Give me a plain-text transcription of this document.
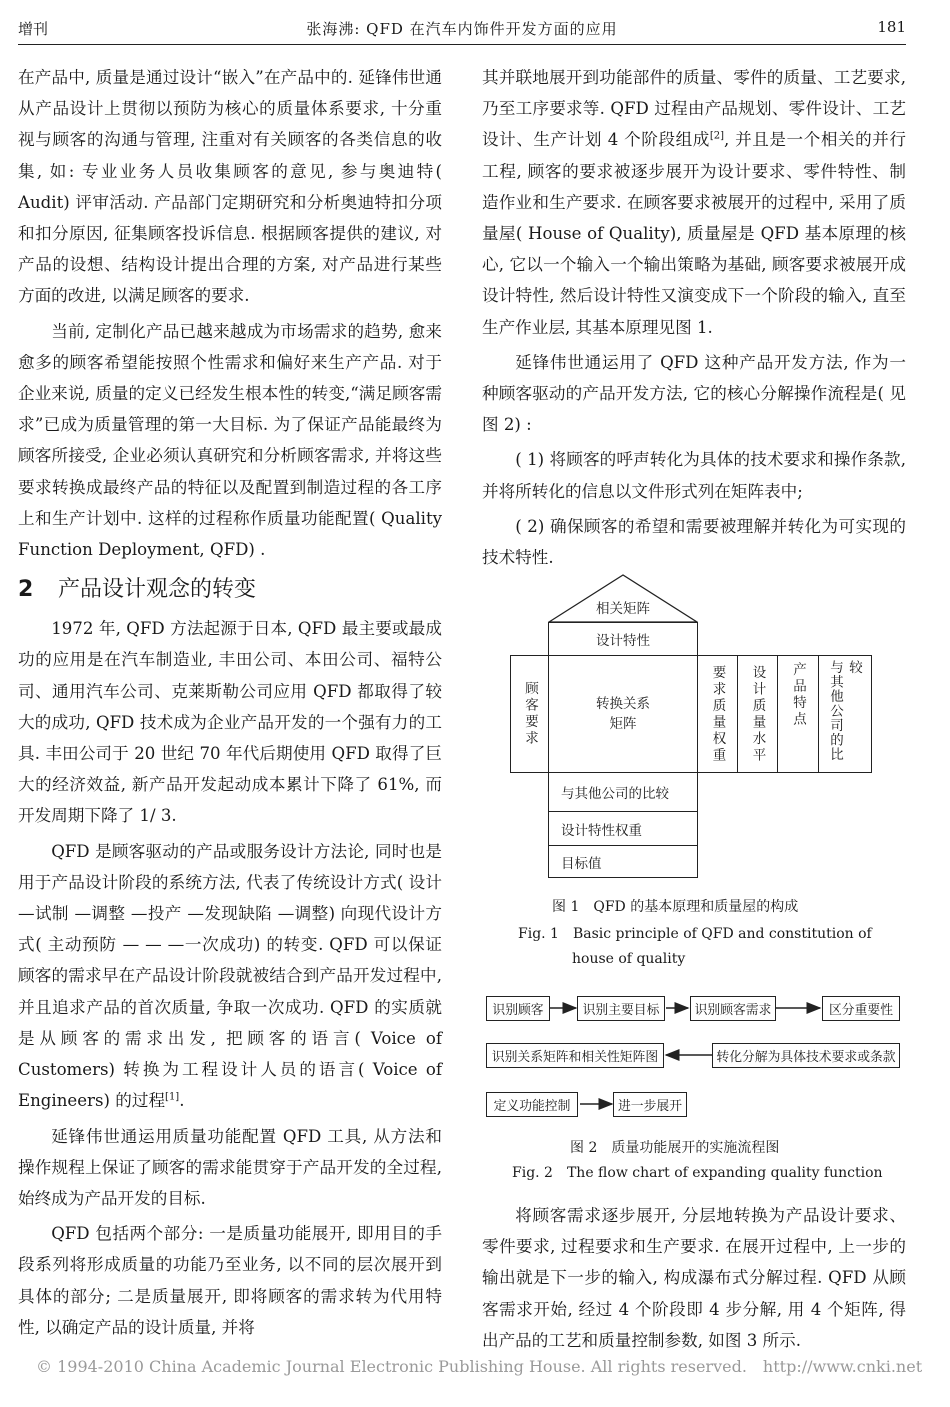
增刊	张海沸: QFD 在汽车内饰件开发方面的应用	181

在产品中, 质量是通过设计“嵌入”在产品中的. 延锋伟世通从产品设计上贯彻以预防为核心的质量体系要求, 十分重视与顾客的沟通与管理, 注重对有关顾客的各类信息的收集, 如: 专业业务人员收集顾客的意见, 参与奥迪特( Audit) 评审活动. 产品部门定期研究和分析奥迪特扣分项和扣分原因, 征集顾客投诉信息. 根据顾客提供的建议, 对产品的设想、结构设计提出合理的方案, 对产品进行某些方面的改进, 以满足顾客的要求.

当前, 定制化产品已越来越成为市场需求的趋势, 愈来愈多的顾客希望能按照个性需求和偏好来生产产品. 对于企业来说, 质量的定义已经发生根本性的转变,“满足顾客需求”已成为质量管理的第一大目标. 为了保证产品能最终为顾客所接受, 企业必须认真研究和分析顾客需求, 并将这些要求转换成最终产品的特征以及配置到制造过程的各工序上和生产计划中. 这样的过程称作质量功能配置( Quality Function Deployment, QFD) .

2 产品设计观念的转变

1972 年, QFD 方法起源于日本, QFD 最主要或最成功的应用是在汽车制造业, 丰田公司、本田公司、福特公司、通用汽车公司、克莱斯勒公司应用 QFD 都取得了较大的成功, QFD 技术成为企业产品开发的一个强有力的工具. 丰田公司于 20 世纪 70 年代后期使用 QFD 取得了巨大的经济效益, 新产品开发起动成本累计下降了 61%, 而开发周期下降了 1/ 3.

QFD 是顾客驱动的产品或服务设计方法论, 同时也是用于产品设计阶段的系统方法, 代表了传统设计方式( 设计 —试制 —调整 —投产 —发现缺陷 —调整) 向现代设计方式( 主动预防 — — —一次成功) 的转变. QFD 可以保证顾客的需求早在产品设计阶段就被结合到产品开发过程中, 并且追求产品的首次质量, 争取一次成功. QFD 的实质就是从顾客的需求出发, 把顾客的语言( Voice of Customers) 转换为工程设计人员的语言( Voice of Engineers) 的过程[1].

延锋伟世通运用质量功能配置 QFD 工具, 从方法和操作规程上保证了顾客的需求能贯穿于产品开发的全过程, 始终成为产品开发的目标.

QFD 包括两个部分: 一是质量功能展开, 即用目的手段系列将形成质量的功能乃至业务, 以不同的层次展开到具体的部分; 二是质量展开, 即将顾客的需求转为代用特性, 以确定产品的设计质量, 并将

其并联地展开到功能部件的质量、零件的质量、工艺要求, 乃至工序要求等. QFD 过程由产品规划、零件设计、工艺设计、生产计划 4 个阶段组成[2], 并且是一个相关的并行工程, 顾客的要求被逐步展开为设计要求、零件特性、制造作业和生产要求. 在顾客要求被展开的过程中, 采用了质量屋( House of Quality), 质量屋是 QFD 基本原理的核心, 它以一个输入一个输出策略为基础, 顾客要求被展开成设计特性, 然后设计特性又演变成下一个阶段的输入, 直至生产作业层, 其基本原理见图 1.

延锋伟世通运用了 QFD 这种产品开发方法, 作为一种顾客驱动的产品开发方法, 它的核心分解操作流程是( 见图 2) :

( 1) 将顾客的呼声转化为具体的技术要求和操作条款, 并将所转化的信息以文件形式列在矩阵表中;

( 2) 确保顾客的希望和需要被理解并转化为可实现的技术特性.

相关矩阵
设计特性
顾客要求	转换关系矩阵	要求质量权重 设计质量水平 产品特点 与其他公司的比较
与其他公司的比较
设计特性权重
目标值
图 1　QFD 的基本原理和质量屋的构成
Fig. 1　Basic principle of QFD and constitution of
house of quality
识别顾客	识别主要目标	识别顾客需求	区分重要性
识别关系矩阵和相关性矩阵图	转化分解为具体技术要求或条款
定义功能控制	进一步展开
图 2　质量功能展开的实施流程图
Fig. 2　The flow chart of expanding quality function

将顾客需求逐步展开, 分层地转换为产品设计要求、零件要求, 过程要求和生产要求. 在展开过程中, 上一步的输出就是下一步的输入, 构成瀑布式分解过程. QFD 从顾客需求开始, 经过 4 个阶段即 4 步分解, 用 4 个矩阵, 得出产品的工艺和质量控制参数, 如图 3 所示.

© 1994-2010 China Academic Journal Electronic Publishing House. All rights reserved.　http://www.cnki.net
